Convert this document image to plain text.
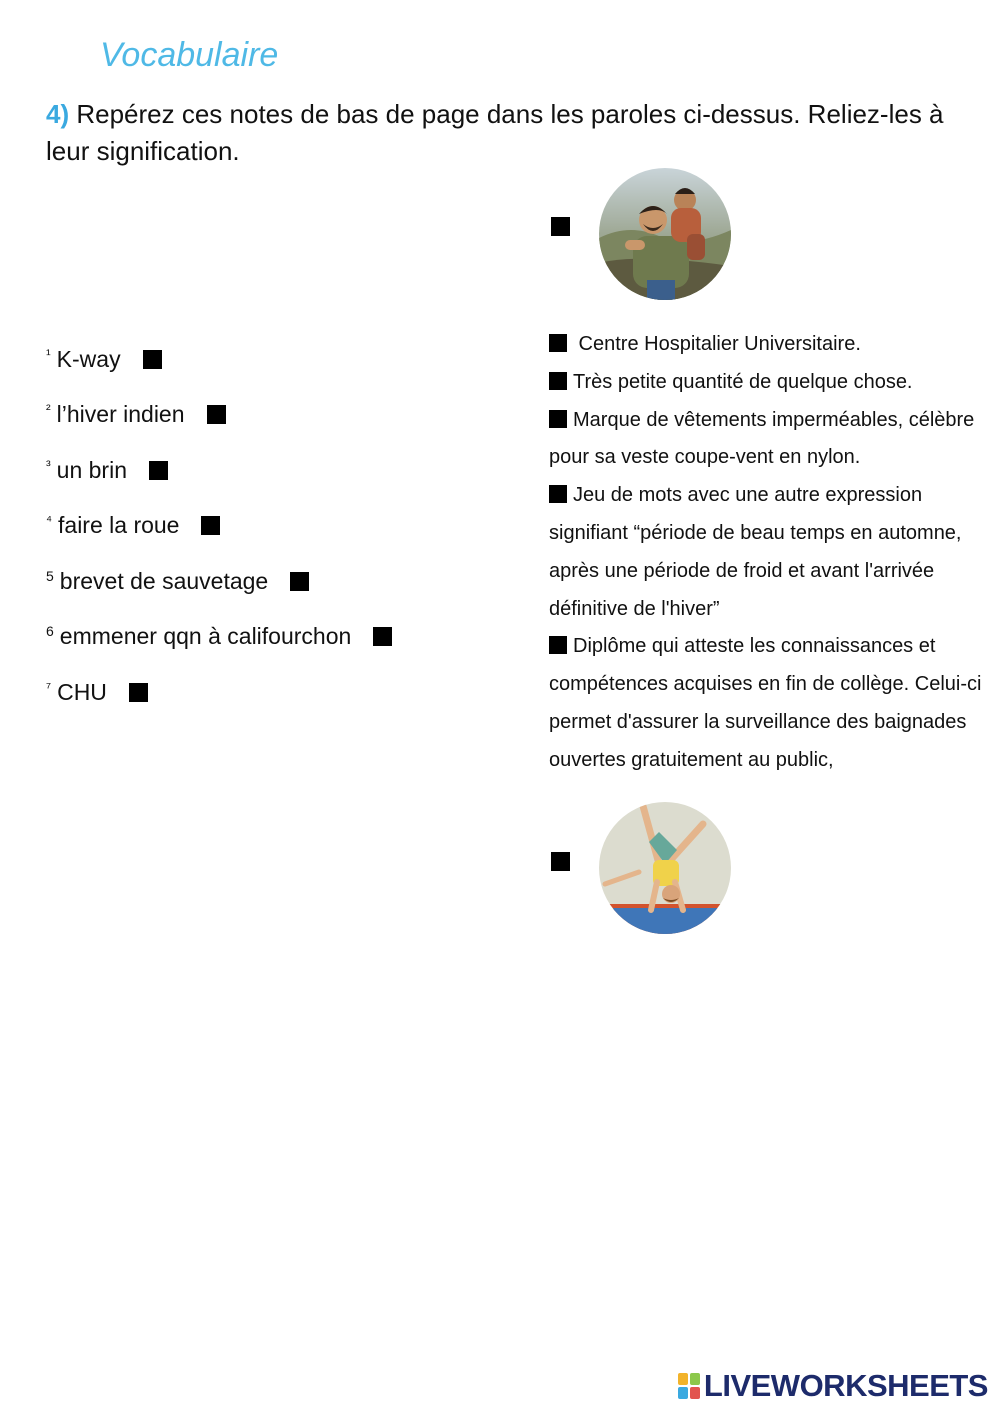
Vocabulaire
4) Repérez ces notes de bas de page dans les paroles ci-dessus. Reliez-les à leur signification.
$^{^1}$ K-way
$^{^2}$ l’hiver indien
$^{^3}$ un brin
$^{^4}$ faire la roue
$^5$ brevet de sauvetage
$^6$ emmener qqn à califourchon
$^{^7}$ CHU
Centre Hospitalier Universitaire.
Très petite quantité de quelque chose.
Marque de vêtements imperméables, célèbre pour sa veste coupe-vent en nylon.
Jeu de mots avec une autre expression signifiant “période de beau temps en automne, après une période de froid et avant l'arrivée définitive de l'hiver”
Diplôme qui atteste les connaissances et compétences acquises en fin de collège. Celui-ci permet d'assurer la surveillance des baignades ouvertes gratuitement au public,
LIVEWORKSHEETS
